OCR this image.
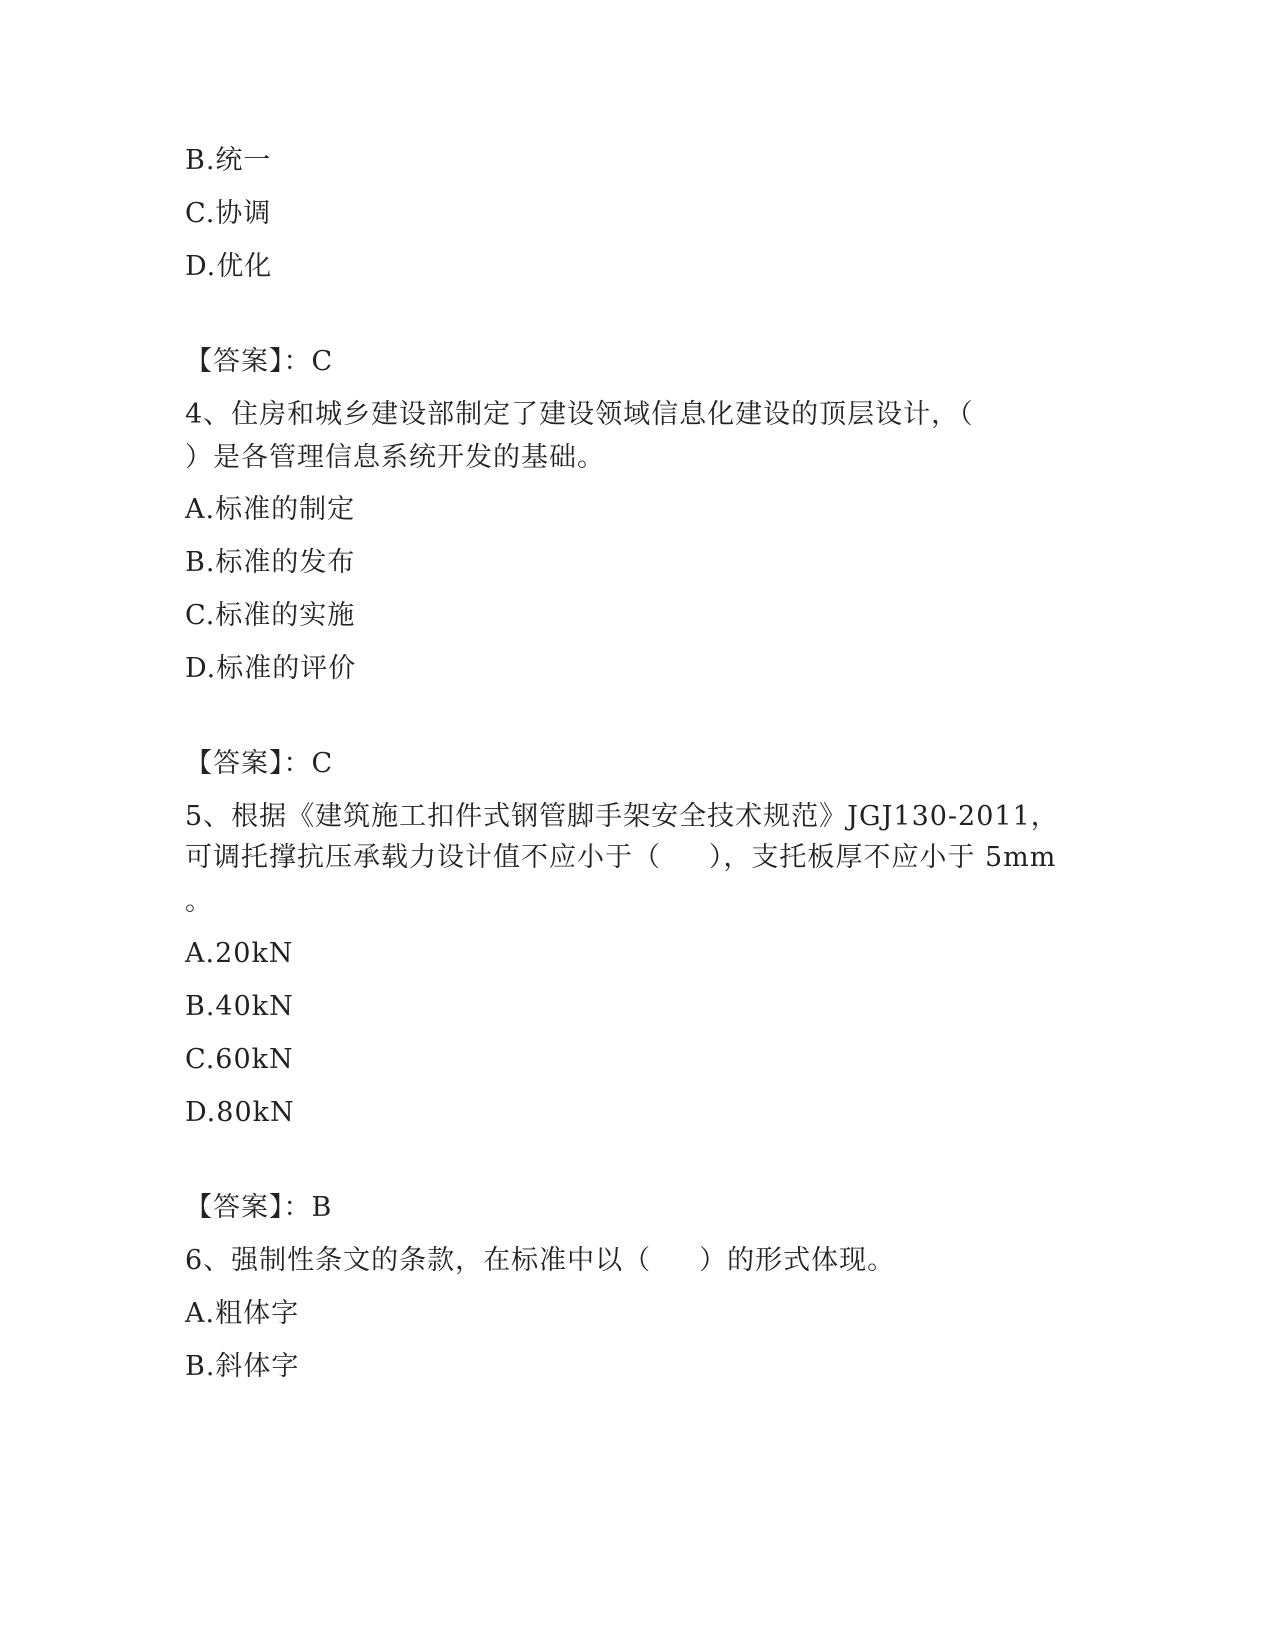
B.统一
C.协调
D.优化
【答案】：C
4、住房和城乡建设部制定了建设领域信息化建设的顶层设计，（
）是各管理信息系统开发的基础。
A.标准的制定
B.标准的发布
C.标准的实施
D.标准的评价
【答案】：C
5、根据《建筑施工扣件式钢管脚手架安全技术规范》JGJ130-2011，
可调托撑抗压承载力设计值不应小于（     ），支托板厚不应小于 5mm
。
A.20kN
B.40kN
C.60kN
D.80kN
【答案】：B
6、强制性条文的条款，在标准中以（     ）的形式体现。
A.粗体字
B.斜体字
